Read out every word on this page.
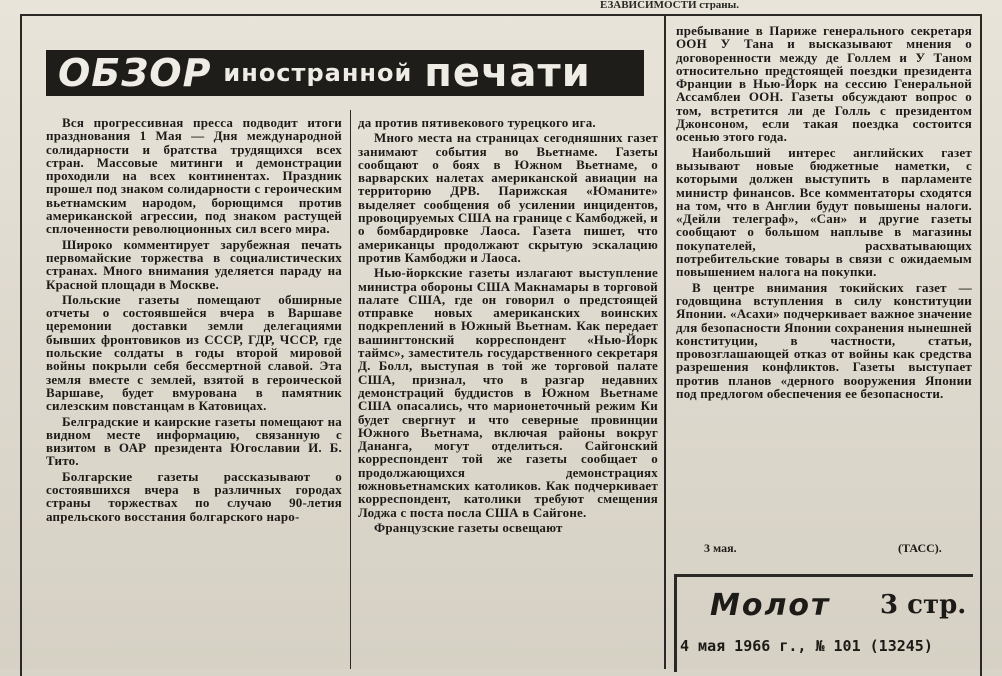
ЕЗАВИСИМОСТИ страны.
ОБЗОР иностранной печати

Вся прогрессивная пресса подводит итоги празднования 1 Мая — Дня международной солидарности и братства трудящихся всех стран. Массовые митинги и демонстрации проходили на всех континентах. Праздник прошел под знаком солидарности с героическим вьетнамским народом, борющимся против американской агрессии, под знаком растущей сплоченности революционных сил всего мира.

Широко комментирует зарубежная печать первомайские торжества в социалистических странах. Много внимания уделяется параду на Красной площади в Москве.

Польские газеты помещают обширные отчеты о состоявшейся вчера в Варшаве церемонии доставки земли делегациями бывших фронтовиков из СССР, ГДР, ЧССР, где польские солдаты в годы второй мировой войны покрыли себя бессмертной славой. Эта земля вместе с землей, взятой в героической Варшаве, будет вмурована в памятник силезским повстанцам в Катовицах.

Белградские и каирские газеты помещают на видном месте информацию, связанную с визитом в ОАР президента Югославии И. Б. Тито.

Болгарские газеты рассказывают о состоявшихся вчера в различных городах страны торжествах по случаю 90-летия апрельского восстания болгарского наро-

да против пятивекового турецкого ига.

Много места на страницах сегодняшних газет занимают события во Вьетнаме. Газеты сообщают о боях в Южном Вьетнаме, о варварских налетах американской авиации на территорию ДРВ. Парижская «Юманите» выделяет сообщения об усилении инцидентов, провоцируемых США на границе с Камбоджей, и о бомбардировке Лаоса. Газета пишет, что американцы продолжают скрытую эскалацию против Камбоджи и Лаоса.

Нью-йоркские газеты излагают выступление министра обороны США Макнамары в торговой палате США, где он говорил о предстоящей отправке новых американских воинских подкреплений в Южный Вьетнам. Как передает вашингтонский корреспондент «Нью-Йорк таймс», заместитель государственного секретаря Д. Болл, выступая в той же торговой палате США, признал, что в разгар недавних демонстраций буддистов в Южном Вьетнаме США опасались, что марионеточный режим Ки будет свергнут и что северные провинции Южного Вьетнама, включая районы вокруг Дананга, могут отделиться. Сайгонский корреспондент той же газеты сообщает о продолжающихся демонстрациях южновьетнамских католиков. Как подчеркивает корреспондент, католики требуют смещения Лоджа с поста посла США в Сайгоне.

Французские газеты освещают

пребывание в Париже генерального секретаря ООН У Тана и высказывают мнения о договоренности между де Голлем и У Таном относительно предстоящей поездки президента Франции в Нью-Йорк на сессию Генеральной Ассамблеи ООН. Газеты обсуждают вопрос о том, встретится ли де Голль с президентом Джонсоном, если такая поездка состоится осенью этого года.

Наибольший интерес английских газет вызывают новые бюджетные наметки, с которыми должен выступить в парламенте министр финансов. Все комментаторы сходятся на том, что в Англии будут повышены налоги. «Дейли телеграф», «Сан» и другие газеты сообщают о большом наплыве в магазины покупателей, расхватывающих потребительские товары в связи с ожидаемым повышением налога на покупки.

В центре внимания токийских газет — годовщина вступления в силу конституции Японии. «Асахи» подчеркивает важное значение для безопасности Японии сохранения нынешней конституции, в частности, статьи, провозглашающей отказ от войны как средства разрешения конфликтов. Газеты выступает против планов «дерного вооружения Японии под предлогом обеспечения ее безопасности.

3 мая.	(ТАСС).
Молот 3 стр.
4 мая 1966 г., № 101 (13245)
